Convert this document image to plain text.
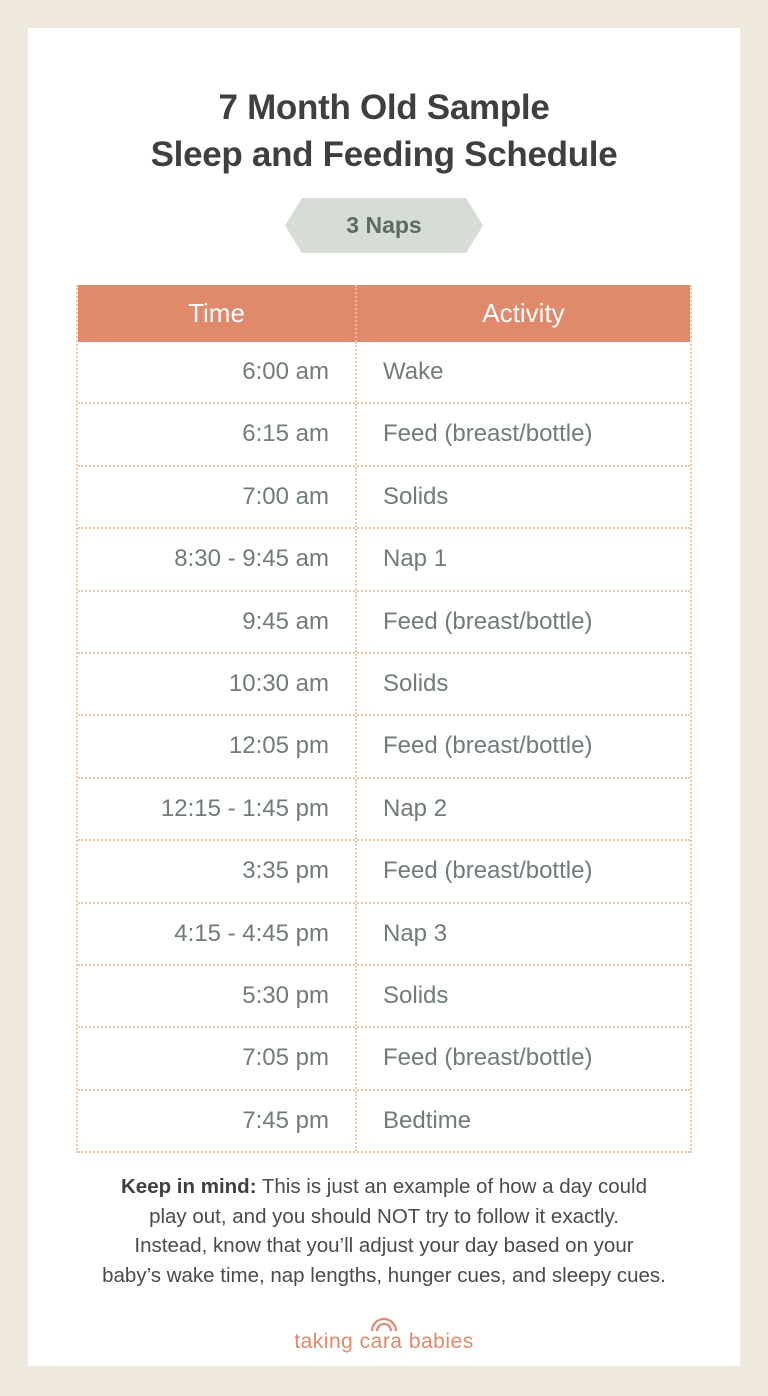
7 Month Old Sample
Sleep and Feeding Schedule
3 Naps
Time	Activity
6:00 am	Wake
6:15 am	Feed (breast/bottle)
7:00 am	Solids
8:30 - 9:45 am	Nap 1
9:45 am	Feed (breast/bottle)
10:30 am	Solids
12:05 pm	Feed (breast/bottle)
12:15 - 1:45 pm	Nap 2
3:35 pm	Feed (breast/bottle)
4:15 - 4:45 pm	Nap 3
5:30 pm	Solids
7:05 pm	Feed (breast/bottle)
7:45 pm	Bedtime
Keep in mind: This is just an example of how a day could
play out, and you should NOT try to follow it exactly.
Instead, know that you’ll adjust your day based on your
baby’s wake time, nap lengths, hunger cues, and sleepy cues.
taking cara babies
